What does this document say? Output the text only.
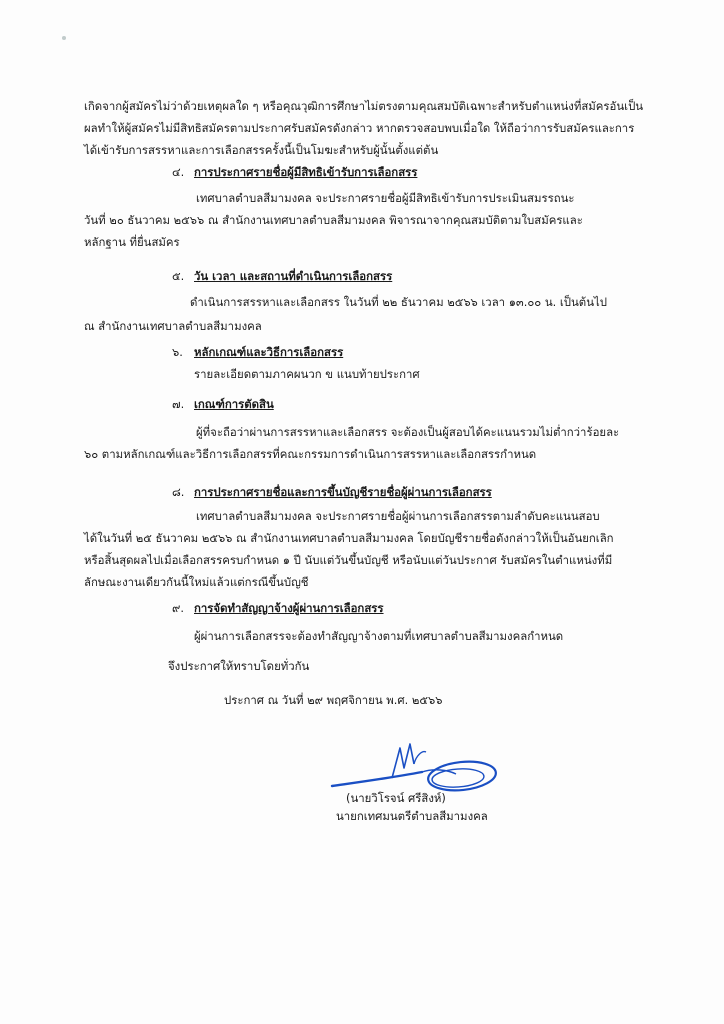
เกิดจากผู้สมัครไม่ว่าด้วยเหตุผลใด ๆ หรือคุณวุฒิการศึกษาไม่ตรงตามคุณสมบัติเฉพาะสำหรับตำแหน่งที่สมัครอันเป็น
ผลทำให้ผู้สมัครไม่มีสิทธิสมัครตามประกาศรับสมัครดังกล่าว หากตรวจสอบพบเมื่อใด ให้ถือว่าการรับสมัครและการ
ได้เข้ารับการสรรหาและการเลือกสรรครั้งนี้เป็นโมฆะสำหรับผู้นั้นตั้งแต่ต้น
๔. การประกาศรายชื่อผู้มีสิทธิเข้ารับการเลือกสรร
เทศบาลตำบลสีมามงคล จะประกาศรายชื่อผู้มีสิทธิเข้ารับการประเมินสมรรถนะ
วันที่ ๒๐ ธันวาคม ๒๕๖๖ ณ สำนักงานเทศบาลตำบลสีมามงคล พิจารณาจากคุณสมบัติตามใบสมัครและ
หลักฐาน ที่ยื่นสมัคร
๕. วัน เวลา และสถานที่ดำเนินการเลือกสรร
ดำเนินการสรรหาและเลือกสรร ในวันที่ ๒๒ ธันวาคม ๒๕๖๖ เวลา ๑๓.๐๐ น. เป็นต้นไป
ณ สำนักงานเทศบาลตำบลสีมามงคล
๖. หลักเกณฑ์และวิธีการเลือกสรร
รายละเอียดตามภาคผนวก ข แนบท้ายประกาศ
๗. เกณฑ์การตัดสิน
ผู้ที่จะถือว่าผ่านการสรรหาและเลือกสรร จะต้องเป็นผู้สอบได้คะแนนรวมไม่ต่ำกว่าร้อยละ
๖๐ ตามหลักเกณฑ์และวิธีการเลือกสรรที่คณะกรรมการดำเนินการสรรหาและเลือกสรรกำหนด
๘. การประกาศรายชื่อและการขึ้นบัญชีรายชื่อผู้ผ่านการเลือกสรร
เทศบาลตำบลสีมามงคล จะประกาศรายชื่อผู้ผ่านการเลือกสรรตามลำดับคะแนนสอบ
ได้ในวันที่ ๒๕ ธันวาคม ๒๕๖๖ ณ สำนักงานเทศบาลตำบลสีมามงคล โดยบัญชีรายชื่อดังกล่าวให้เป็นอันยกเลิก
หรือสิ้นสุดผลไปเมื่อเลือกสรรครบกำหนด ๑ ปี นับแต่วันขึ้นบัญชี หรือนับแต่วันประกาศ รับสมัครในตำแหน่งที่มี
ลักษณะงานเดียวกันนี้ใหม่แล้วแต่กรณีขึ้นบัญชี
๙. การจัดทำสัญญาจ้างผู้ผ่านการเลือกสรร
ผู้ผ่านการเลือกสรรจะต้องทำสัญญาจ้างตามที่เทศบาลตำบลสีมามงคลกำหนด
จึงประกาศให้ทราบโดยทั่วกัน
ประกาศ ณ วันที่ ๒๙ พฤศจิกายน พ.ศ. ๒๕๖๖
(นายวิโรจน์ ศรีสิงห์)
นายกเทศมนตรีตำบลสีมามงคล
